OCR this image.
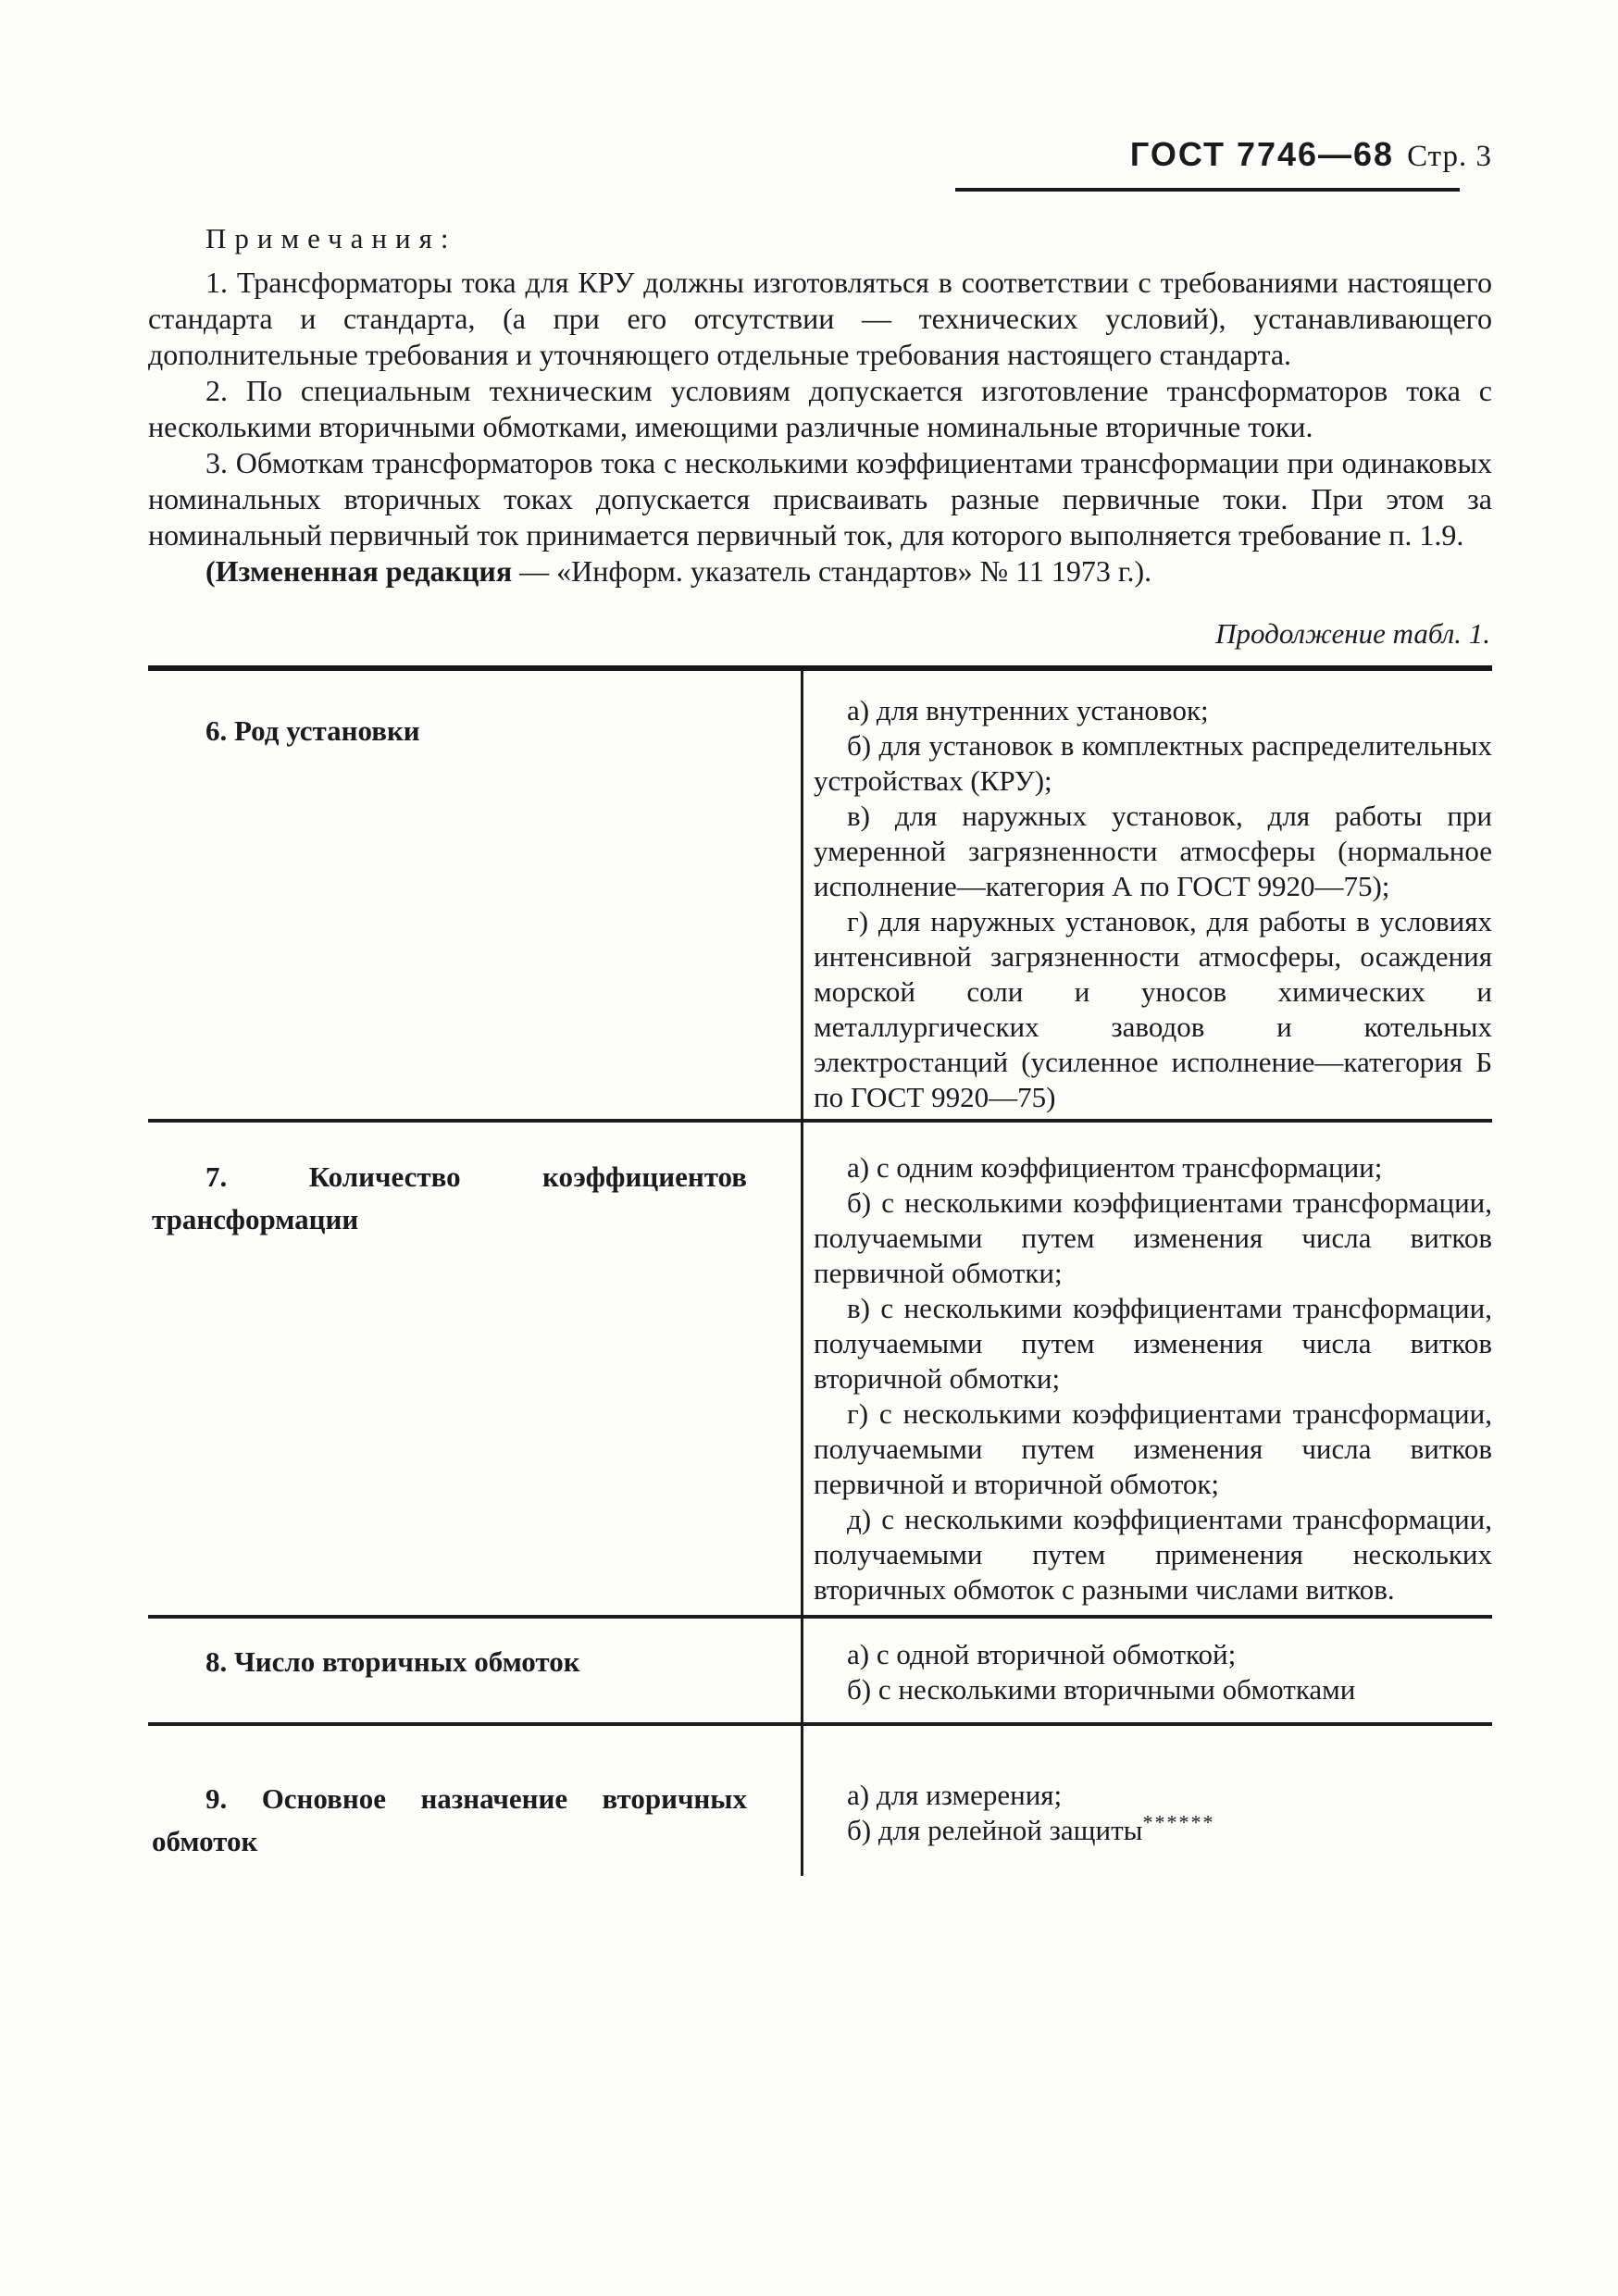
ГОСТ 7746—68 Стр. 3

Примечания:

1. Трансформаторы тока для КРУ должны изготовляться в соответствии с требованиями настоящего стандарта и стандарта, (а при его отсутствии — технических условий), устанавливающего дополнительные требования и уточняющего отдельные требования настоящего стандарта.

2. По специальным техническим условиям допускается изготовление трансформаторов тока с несколькими вторичными обмотками, имеющими различные номинальные вторичные токи.

3. Обмоткам трансформаторов тока с несколькими коэффициентами трансформации при одинаковых номинальных вторичных токах допускается присваивать разные первичные токи. При этом за номинальный первичный ток принимается первичный ток, для которого выполняется требование п. 1.9.

(Измененная редакция — «Информ. указатель стандартов» № 11 1973 г.).

Продолжение табл. 1.

6. Род установки

а) для внутренних установок;

б) для установок в комплектных распределительных устройствах (КРУ);

в) для наружных установок, для работы при умеренной загрязненности атмосферы (нормальное исполнение—категория А по ГОСТ 9920—75);

г) для наружных установок, для работы в условиях интенсивной загрязненности атмосферы, осаждения морской соли и уносов химических и металлургических заводов и котельных электростанций (усиленное исполнение—категория Б по ГОСТ 9920—75)

7. Количество коэффициентов трансформации

а) с одним коэффициентом трансформации;

б) с несколькими коэффициентами трансформации, получаемыми путем изменения числа витков первичной обмотки;

в) с несколькими коэффициентами трансформации, получаемыми путем изменения числа витков вторичной обмотки;

г) с несколькими коэффициентами трансформации, получаемыми путем изменения числа витков первичной и вторичной обмоток;

д) с несколькими коэффициентами трансформации, получаемыми путем применения нескольких вторичных обмоток с разными числами витков.

8. Число вторичных обмоток	а) с одной вторичной обмоткой;

б) с несколькими вторичными обмотками

9. Основное назначение вторичных обмоток

а) для измерения;

б) для релейной защиты******
